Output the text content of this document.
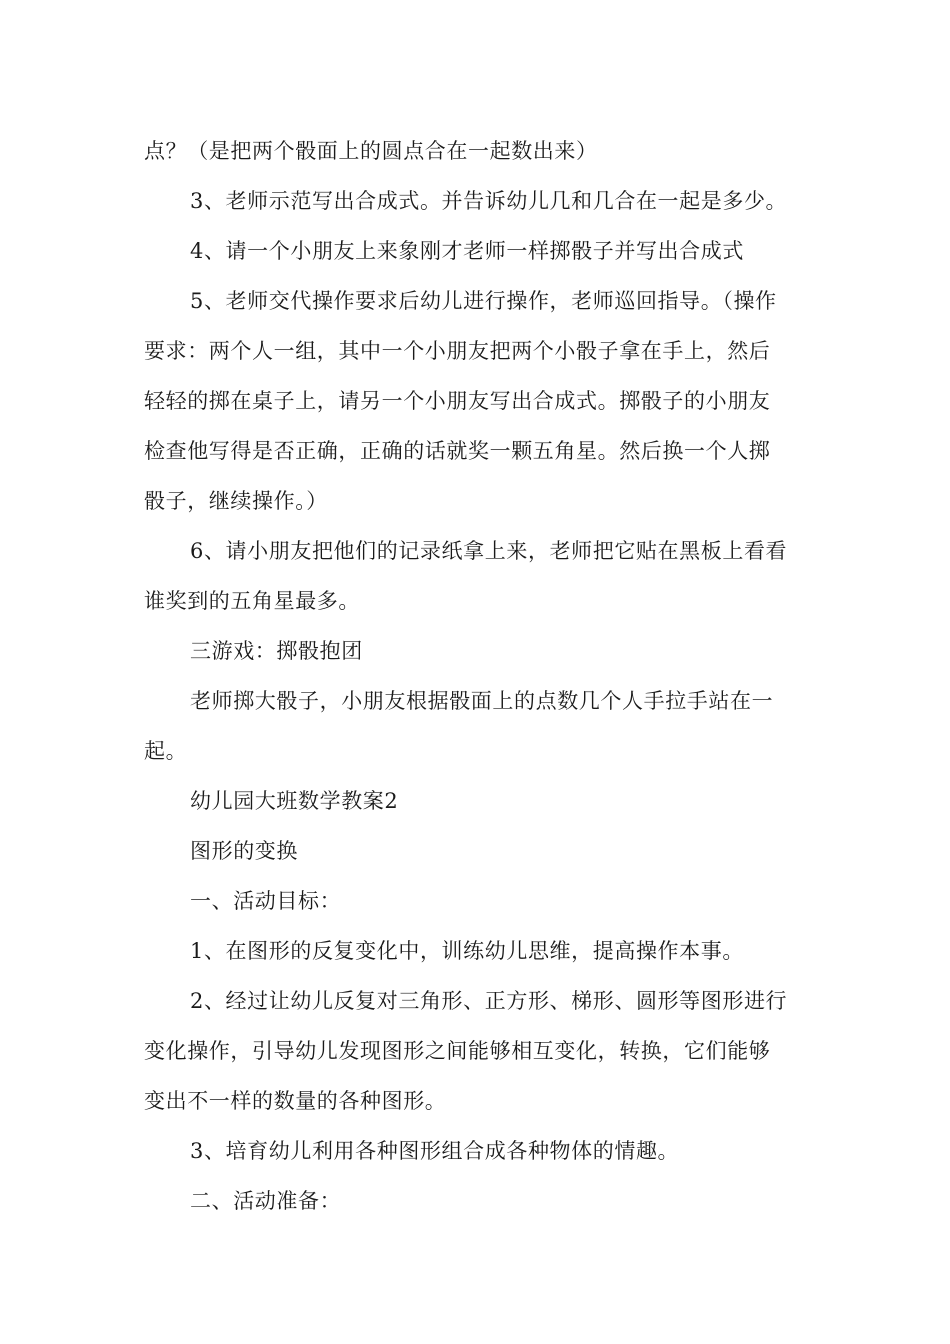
点？（是把两个骰面上的圆点合在一起数出来）
3、老师示范写出合成式。并告诉幼儿几和几合在一起是多少。
4、请一个小朋友上来象刚才老师一样掷骰子并写出合成式
5、老师交代操作要求后幼儿进行操作，老师巡回指导。（操作
要求：两个人一组，其中一个小朋友把两个小骰子拿在手上，然后
轻轻的掷在桌子上，请另一个小朋友写出合成式。掷骰子的小朋友
检查他写得是否正确，正确的话就奖一颗五角星。然后换一个人掷
骰子，继续操作。）
6、请小朋友把他们的记录纸拿上来，老师把它贴在黑板上看看
谁奖到的五角星最多。
三游戏：掷骰抱团
老师掷大骰子，小朋友根据骰面上的点数几个人手拉手站在一
起。
幼儿园大班数学教案2
图形的变换
一、活动目标：
1、在图形的反复变化中，训练幼儿思维，提高操作本事。
2、经过让幼儿反复对三角形、正方形、梯形、圆形等图形进行
变化操作，引导幼儿发现图形之间能够相互变化，转换，它们能够
变出不一样的数量的各种图形。
3、培育幼儿利用各种图形组合成各种物体的情趣。
二、活动准备：
